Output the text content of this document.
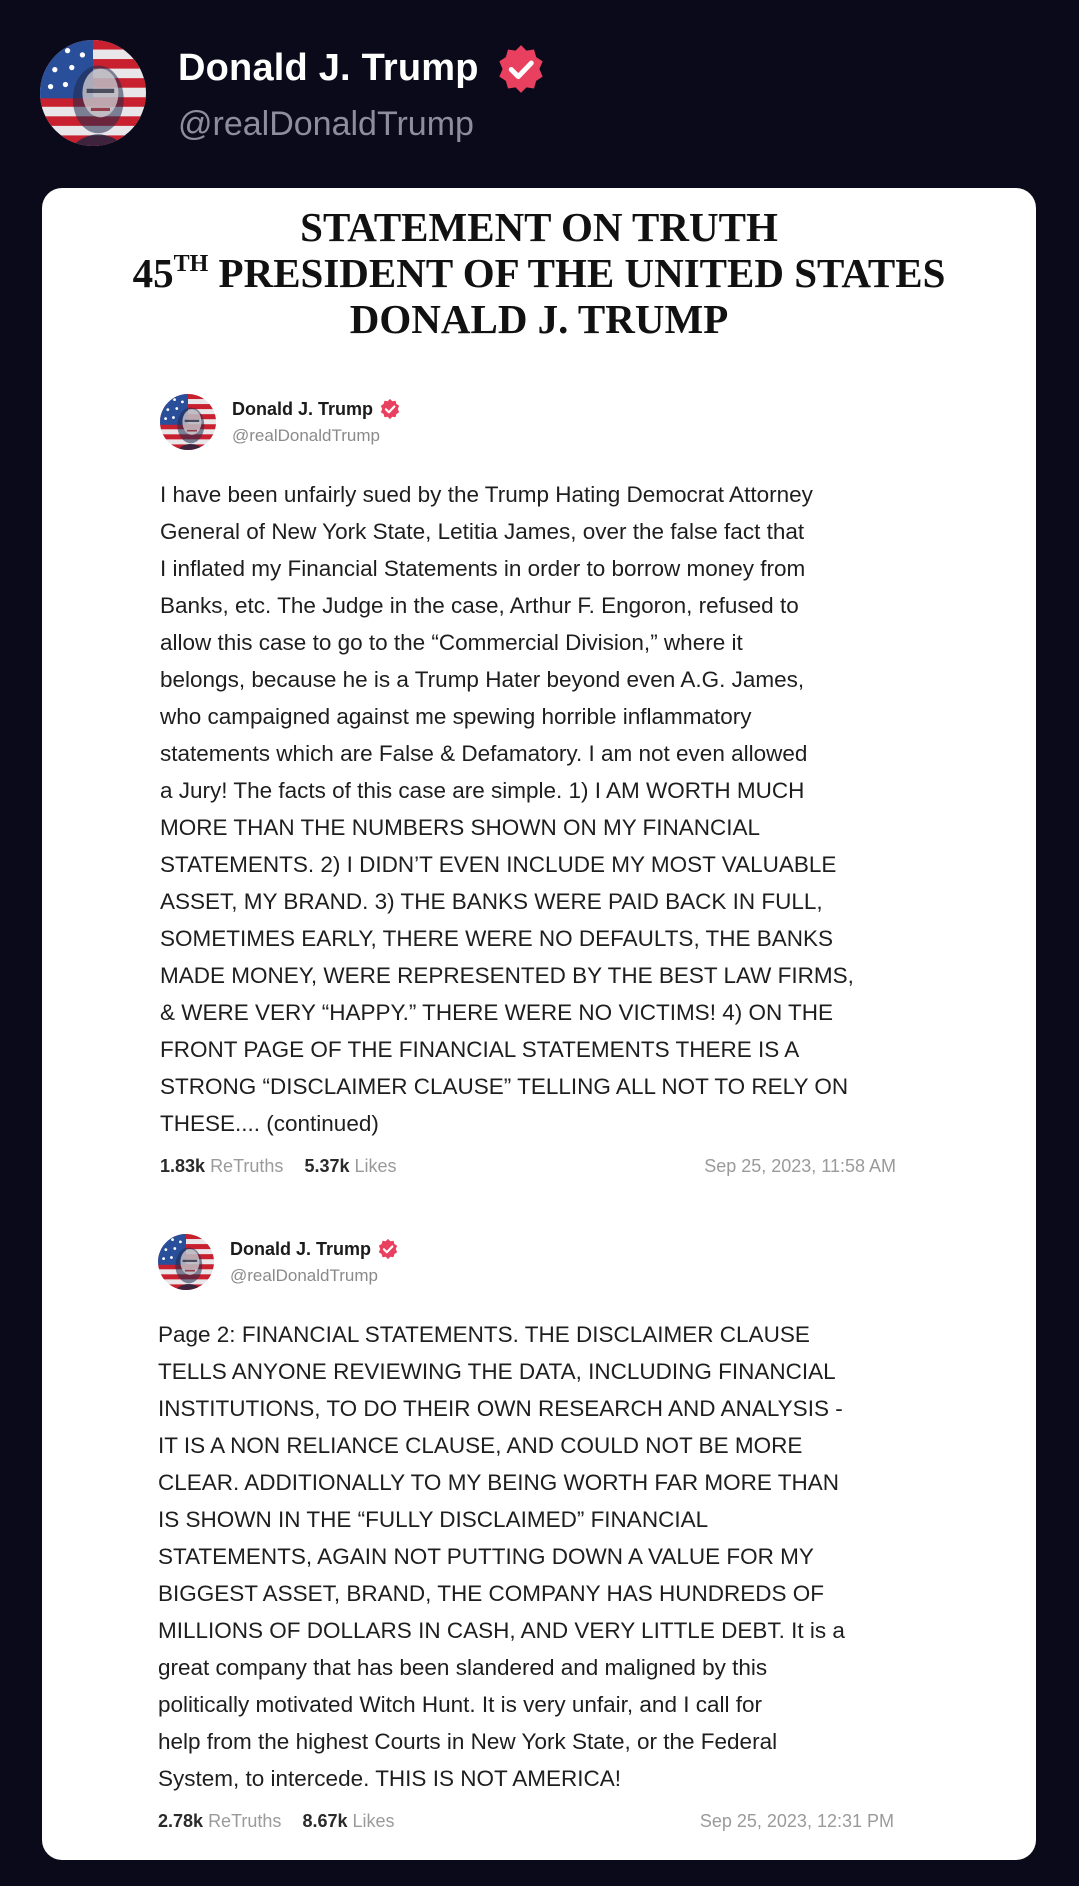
Donald J. Trump
@realDonaldTrump
STATEMENT ON TRUTH
45TH PRESIDENT OF THE UNITED STATES
DONALD J. TRUMP
Donald J. Trump
@realDonaldTrump
I have been unfairly sued by the Trump Hating Democrat Attorney
General of New York State, Letitia James, over the false fact that
I inflated my Financial Statements in order to borrow money from
Banks, etc. The Judge in the case, Arthur F. Engoron, refused to
allow this case to go to the “Commercial Division,” where it
belongs, because he is a Trump Hater beyond even A.G. James,
who campaigned against me spewing horrible inflammatory
statements which are False & Defamatory. I am not even allowed
a Jury! The facts of this case are simple. 1) I AM WORTH MUCH
MORE THAN THE NUMBERS SHOWN ON MY FINANCIAL
STATEMENTS. 2) I DIDN’T EVEN INCLUDE MY MOST VALUABLE
ASSET, MY BRAND. 3) THE BANKS WERE PAID BACK IN FULL,
SOMETIMES EARLY, THERE WERE NO DEFAULTS, THE BANKS
MADE MONEY, WERE REPRESENTED BY THE BEST LAW FIRMS,
& WERE VERY “HAPPY.” THERE WERE NO VICTIMS! 4) ON THE
FRONT PAGE OF THE FINANCIAL STATEMENTS THERE IS A
STRONG “DISCLAIMER CLAUSE” TELLING ALL NOT TO RELY ON
THESE.... (continued)
1.83k ReTruths 5.37k Likes	Sep 25, 2023, 11:58 AM
Donald J. Trump
@realDonaldTrump
Page 2: FINANCIAL STATEMENTS. THE DISCLAIMER CLAUSE
TELLS ANYONE REVIEWING THE DATA, INCLUDING FINANCIAL
INSTITUTIONS, TO DO THEIR OWN RESEARCH AND ANALYSIS -
IT IS A NON RELIANCE CLAUSE, AND COULD NOT BE MORE
CLEAR. ADDITIONALLY TO MY BEING WORTH FAR MORE THAN
IS SHOWN IN THE “FULLY DISCLAIMED” FINANCIAL
STATEMENTS, AGAIN NOT PUTTING DOWN A VALUE FOR MY
BIGGEST ASSET, BRAND, THE COMPANY HAS HUNDREDS OF
MILLIONS OF DOLLARS IN CASH, AND VERY LITTLE DEBT. It is a
great company that has been slandered and maligned by this
politically motivated Witch Hunt. It is very unfair, and I call for
help from the highest Courts in New York State, or the Federal
System, to intercede. THIS IS NOT AMERICA!
2.78k ReTruths 8.67k Likes	Sep 25, 2023, 12:31 PM
